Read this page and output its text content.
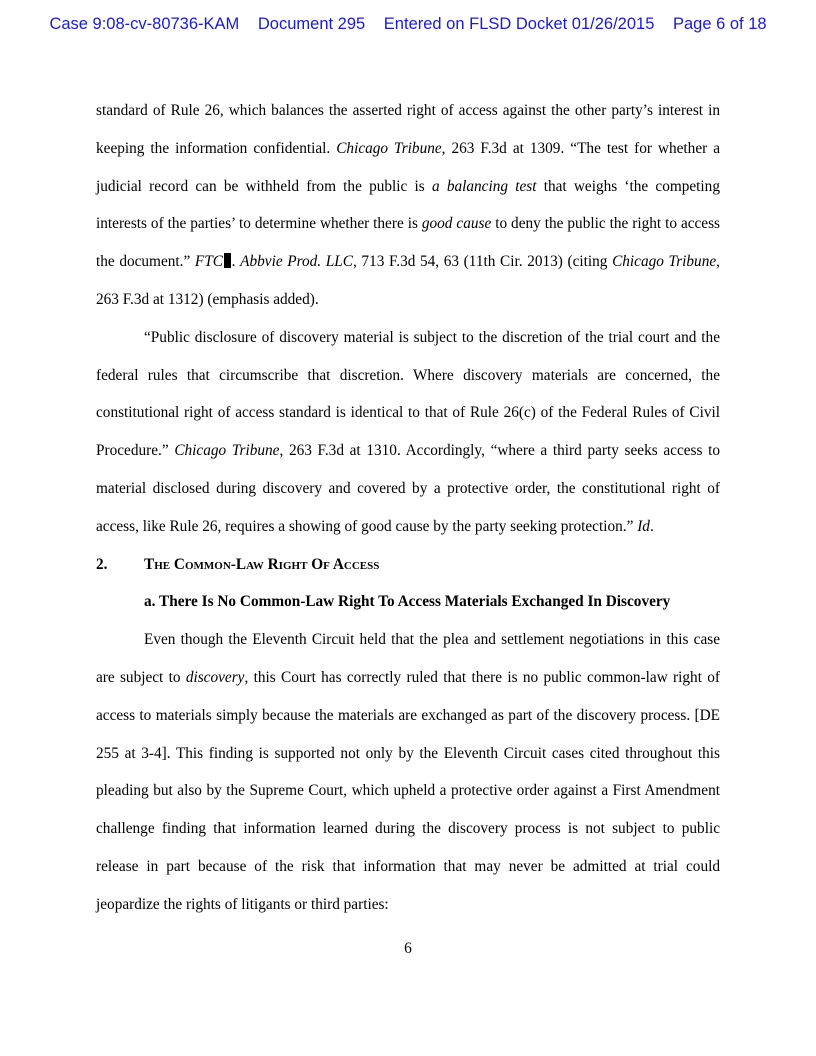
Case 9:08-cv-80736-KAM Document 295 Entered on FLSD Docket 01/26/2015 Page 6 of 18

standard of Rule 26, which balances the asserted right of access against the other party’s interest in keeping the information confidential. Chicago Tribune, 263 F.3d at 1309. “The test for whether a judicial record can be withheld from the public is a balancing test that weighs ‘the competing interests of the parties’ to determine whether there is good cause to deny the public the right to access the document.” FTC . Abbvie Prod. LLC, 713 F.3d 54, 63 (11th Cir. 2013) (citing Chicago Tribune, 263 F.3d at 1312) (emphasis added).

“Public disclosure of discovery material is subject to the discretion of the trial court and the federal rules that circumscribe that discretion. Where discovery materials are concerned, the constitutional right of access standard is identical to that of Rule 26(c) of the Federal Rules of Civil Procedure.” Chicago Tribune, 263 F.3d at 1310. Accordingly, “where a third party seeks access to material disclosed during discovery and covered by a protective order, the constitutional right of access, like Rule 26, requires a showing of good cause by the party seeking protection.” Id.

2. The Common-Law Right Of Access

a. There Is No Common-Law Right To Access Materials Exchanged In Discovery

Even though the Eleventh Circuit held that the plea and settlement negotiations in this case are subject to discovery, this Court has correctly ruled that there is no public common-law right of access to materials simply because the materials are exchanged as part of the discovery process. [DE 255 at 3-4]. This finding is supported not only by the Eleventh Circuit cases cited throughout this pleading but also by the Supreme Court, which upheld a protective order against a First Amendment challenge finding that information learned during the discovery process is not subject to public release in part because of the risk that information that may never be admitted at trial could jeopardize the rights of litigants or third parties:

6
